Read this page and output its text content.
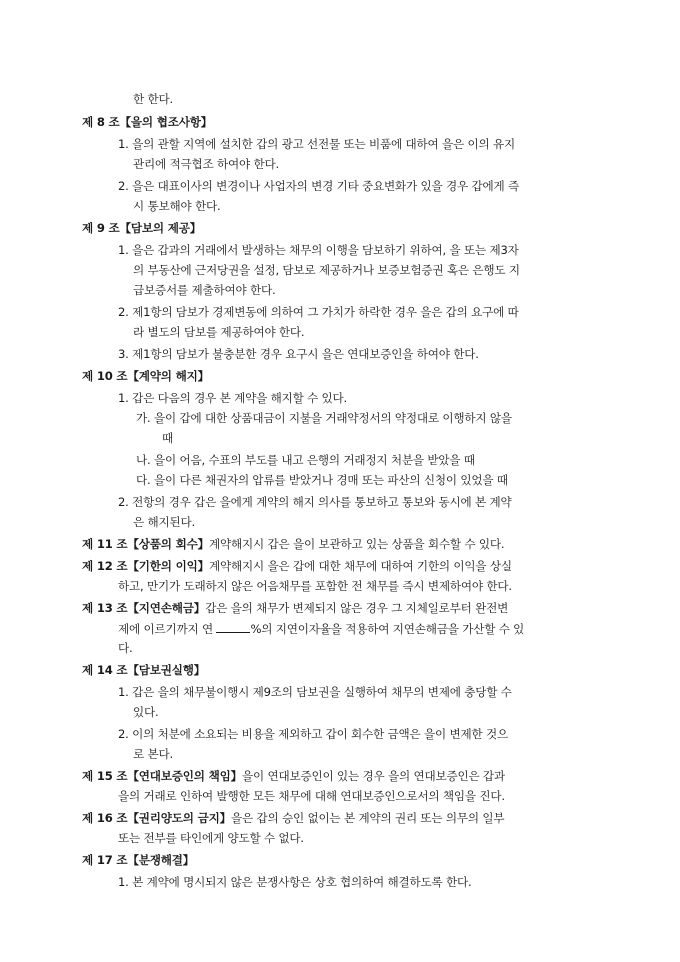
한 한다.
제 8 조【을의 협조사항】
1. 을의 관할 지역에 설치한 갑의 광고 선전물 또는 비품에 대하여 을은 이의 유지
관리에 적극협조 하여야 한다.
2. 을은 대표이사의 변경이나 사업자의 변경 기타 중요변화가 있을 경우 갑에게 즉
시 통보해야 한다.
제 9 조【담보의 제공】
1. 을은 갑과의 거래에서 발생하는 채무의 이행을 담보하기 위하여, 을 또는 제3자
의 부동산에 근저당권을 설정, 담보로 제공하거나 보증보험증권 혹은 은행도 지
급보증서를 제출하여야 한다.
2. 제1항의 담보가 경제변동에 의하여 그 가치가 하락한 경우 을은 갑의 요구에 따
라 별도의 담보를 제공하여야 한다.
3. 제1항의 담보가 불충분한 경우 요구시 을은 연대보증인을 하여야 한다.
제 10 조【계약의 해지】
1. 갑은 다음의 경우 본 계약을 해지할 수 있다.
가. 을이 갑에 대한 상품대금이 지불을 거래약정서의 약정대로 이행하지 않을
때
나. 을이 어음, 수표의 부도를 내고 은행의 거래정지 처분을 받았을 때
다. 을이 다른 채권자의 압류를 받았거나 경매 또는 파산의 신청이 있었을 때
2. 전항의 경우 갑은 을에게 계약의 해지 의사를 통보하고 통보와 동시에 본 계약
은 해지된다.
제 11 조【상품의 회수】계약해지시 갑은 을이 보관하고 있는 상품을 회수할 수 있다.
제 12 조【기한의 이익】계약해지시 을은 갑에 대한 채무에 대하여 기한의 이익을 상실
하고, 만기가 도래하지 않은 어음채무를 포함한 전 채무를 즉시 변제하여야 한다.
제 13 조【지연손해금】갑은 을의 채무가 변제되지 않은 경우 그 지체일로부터 완전변
제에 이르기까지 연	%의 지연이자율을 적용하여 지연손해금을 가산할 수 있
다.
제 14 조【담보권실행】
1. 갑은 을의 채무불이행시 제9조의 담보권을 실행하여 채무의 변제에 충당할 수
있다.
2. 이의 처분에 소요되는 비용을 제외하고 갑이 회수한 금액은 을이 변제한 것으
로 본다.
제 15 조【연대보증인의 책임】을이 연대보증인이 있는 경우 을의 연대보증인은 갑과
을의 거래로 인하여 발행한 모든 채무에 대해 연대보증인으로서의 책임을 진다.
제 16 조【권리양도의 금지】을은 갑의 승인 없이는 본 계약의 권리 또는 의무의 일부
또는 전부를 타인에게 양도할 수 없다.
제 17 조【분쟁해결】
1. 본 계약에 명시되지 않은 분쟁사항은 상호 협의하여 해결하도록 한다.
